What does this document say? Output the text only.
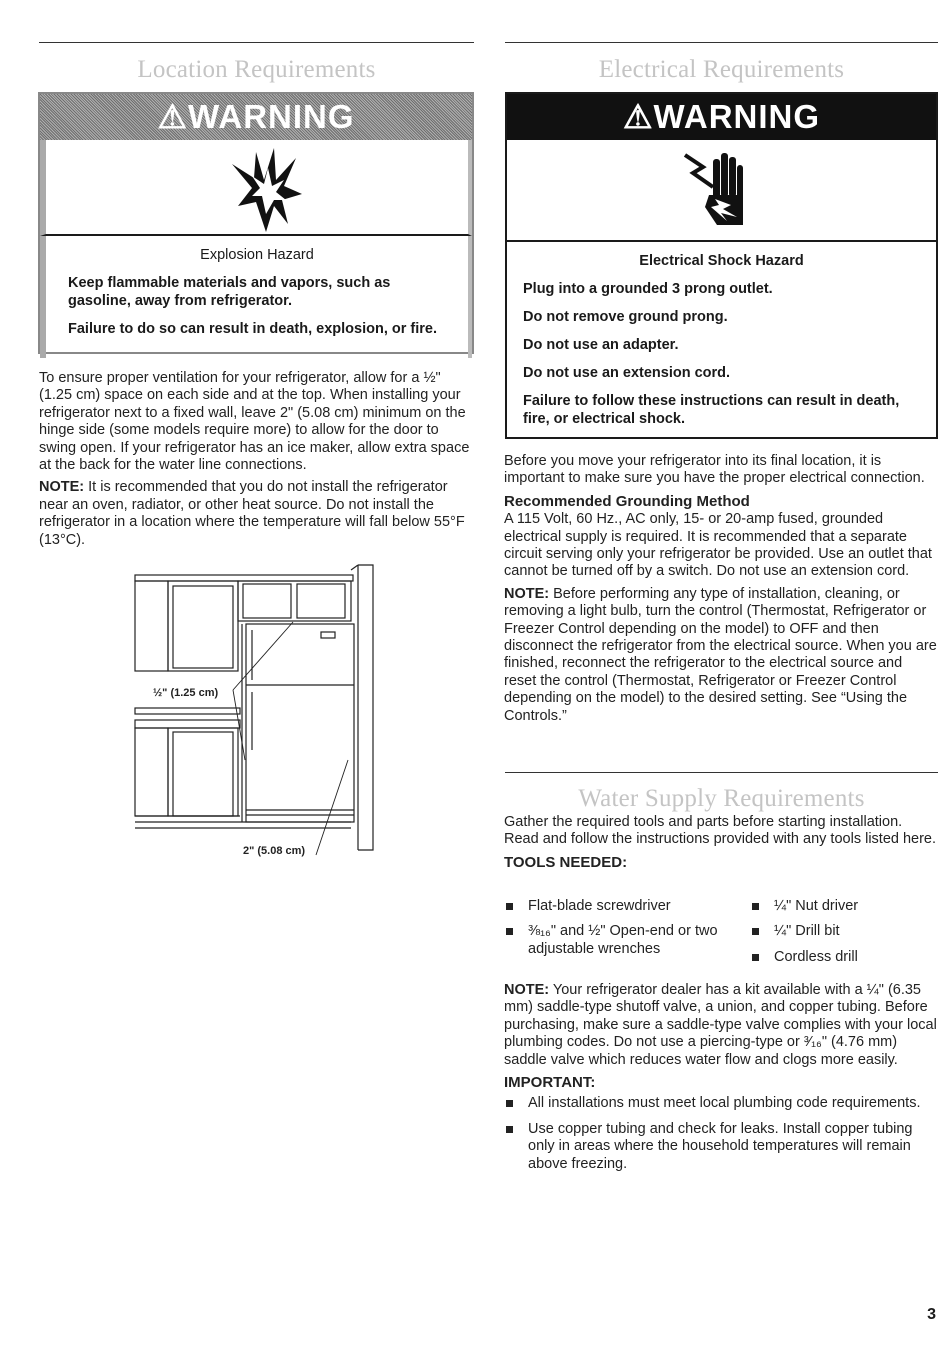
Location Requirements
⚠WARNING
Explosion Hazard

Keep flammable materials and vapors, such as gasoline, away from refrigerator.

Failure to do so can result in death, explosion, or fire.

To ensure proper ventilation for your refrigerator, allow for a ½" (1.25 cm) space on each side and at the top. When installing your refrigerator next to a fixed wall, leave 2" (5.08 cm) minimum on the hinge side (some models require more) to allow for the door to swing open. If your refrigerator has an ice maker, allow extra space at the back for the water line connections.

NOTE: It is recommended that you do not install the refrigerator near an oven, radiator, or other heat source. Do not install the refrigerator in a location where the temperature will fall below 55°F (13°C).

½" (1.25 cm)
2" (5.08 cm)
Electrical Requirements
⚠WARNING
Electrical Shock Hazard

Plug into a grounded 3 prong outlet.

Do not remove ground prong.

Do not use an adapter.

Do not use an extension cord.

Failure to follow these instructions can result in death, fire, or electrical shock.

Before you move your refrigerator into its final location, it is important to make sure you have the proper electrical connection.

Recommended Grounding Method

A 115 Volt, 60 Hz., AC only, 15- or 20-amp fused, grounded electrical supply is required. It is recommended that a separate circuit serving only your refrigerator be provided. Use an outlet that cannot be turned off by a switch. Do not use an extension cord.

NOTE: Before performing any type of installation, cleaning, or removing a light bulb, turn the control (Thermostat, Refrigerator or Freezer Control depending on the model) to OFF and then disconnect the refrigerator from the electrical source. When you are finished, reconnect the refrigerator to the electrical source and reset the control (Thermostat, Refrigerator or Freezer Control depending on the model) to the desired setting. See “Using the Controls.”

Water Supply Requirements

Gather the required tools and parts before starting installation. Read and follow the instructions provided with any tools listed here.

TOOLS NEEDED:
Flat-blade screwdriver
⅜₁₆" and ½" Open-end or two adjustable wrenches
¼" Nut driver
¼" Drill bit
Cordless drill

NOTE: Your refrigerator dealer has a kit available with a ¼" (6.35 mm) saddle-type shutoff valve, a union, and copper tubing. Before purchasing, make sure a saddle-type valve complies with your local plumbing codes. Do not use a piercing-type or ³⁄₁₆" (4.76 mm) saddle valve which reduces water flow and clogs more easily.

IMPORTANT:
All installations must meet local plumbing code requirements.
Use copper tubing and check for leaks. Install copper tubing only in areas where the household temperatures will remain above freezing.
3
